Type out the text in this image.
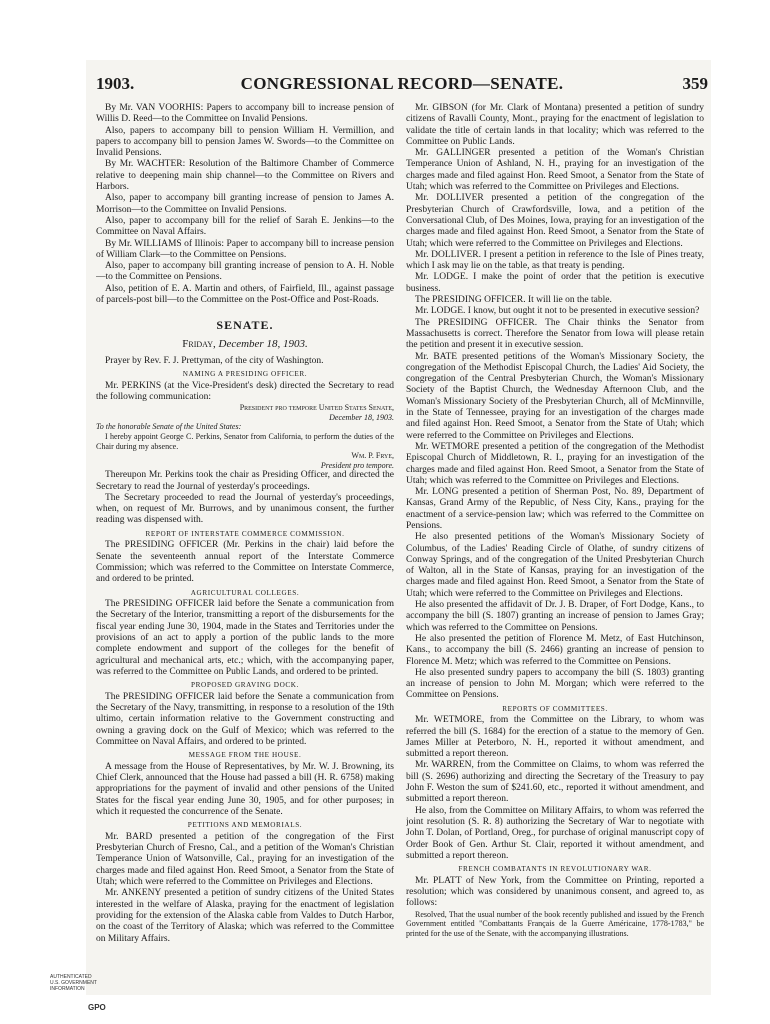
1903.	CONGRESSIONAL RECORD—SENATE.	359

By Mr. VAN VOORHIS: Papers to accompany bill to increase pension of Willis D. Reed—to the Committee on Invalid Pensions.

Also, papers to accompany bill to pension William H. Vermillion, and papers to accompany bill to pension James W. Swords—to the Committee on Invalid Pensions.

By Mr. WACHTER: Resolution of the Baltimore Chamber of Commerce relative to deepening main ship channel—to the Committee on Rivers and Harbors.

Also, paper to accompany bill granting increase of pension to James A. Morrison—to the Committee on Invalid Pensions.

Also, paper to accompany bill for the relief of Sarah E. Jenkins—to the Committee on Naval Affairs.

By Mr. WILLIAMS of Illinois: Paper to accompany bill to increase pension of William Clark—to the Committee on Pensions.

Also, paper to accompany bill granting increase of pension to A. H. Noble—to the Committee on Pensions.

Also, petition of E. A. Martin and others, of Fairfield, Ill., against passage of parcels-post bill—to the Committee on the Post-Office and Post-Roads.

SENATE.
Friday, December 18, 1903.

Prayer by Rev. F. J. Prettyman, of the city of Washington.

NAMING A PRESIDING OFFICER.

Mr. PERKINS (at the Vice-President's desk) directed the Secretary to read the following communication:

President pro tempore United States Senate,

December 18, 1903.

To the honorable Senate of the United States:

I hereby appoint George C. Perkins, Senator from California, to perform the duties of the Chair during my absence.

Wm. P. Frye,

President pro tempore.

Thereupon Mr. Perkins took the chair as Presiding Officer, and directed the Secretary to read the Journal of yesterday's proceedings.

The Secretary proceeded to read the Journal of yesterday's proceedings, when, on request of Mr. Burrows, and by unanimous consent, the further reading was dispensed with.

REPORT OF INTERSTATE COMMERCE COMMISSION.

The PRESIDING OFFICER (Mr. Perkins in the chair) laid before the Senate the seventeenth annual report of the Interstate Commerce Commission; which was referred to the Committee on Interstate Commerce, and ordered to be printed.

AGRICULTURAL COLLEGES.

The PRESIDING OFFICER laid before the Senate a communication from the Secretary of the Interior, transmitting a report of the disbursements for the fiscal year ending June 30, 1904, made in the States and Territories under the provisions of an act to apply a portion of the public lands to the more complete endowment and support of the colleges for the benefit of agricultural and mechanical arts, etc.; which, with the accompanying paper, was referred to the Committee on Public Lands, and ordered to be printed.

PROPOSED GRAVING DOCK.

The PRESIDING OFFICER laid before the Senate a communication from the Secretary of the Navy, transmitting, in response to a resolution of the 19th ultimo, certain information relative to the Government constructing and owning a graving dock on the Gulf of Mexico; which was referred to the Committee on Naval Affairs, and ordered to be printed.

MESSAGE FROM THE HOUSE.

A message from the House of Representatives, by Mr. W. J. Browning, its Chief Clerk, announced that the House had passed a bill (H. R. 6758) making appropriations for the payment of invalid and other pensions of the United States for the fiscal year ending June 30, 1905, and for other purposes; in which it requested the concurrence of the Senate.

PETITIONS AND MEMORIALS.

Mr. BARD presented a petition of the congregation of the First Presbyterian Church of Fresno, Cal., and a petition of the Woman's Christian Temperance Union of Watsonville, Cal., praying for an investigation of the charges made and filed against Hon. Reed Smoot, a Senator from the State of Utah; which were referred to the Committee on Privileges and Elections.

Mr. ANKENY presented a petition of sundry citizens of the United States interested in the welfare of Alaska, praying for the enactment of legislation providing for the extension of the Alaska cable from Valdes to Dutch Harbor, on the coast of the Territory of Alaska; which was referred to the Committee on Military Affairs.

Mr. GIBSON (for Mr. Clark of Montana) presented a petition of sundry citizens of Ravalli County, Mont., praying for the enactment of legislation to validate the title of certain lands in that locality; which was referred to the Committee on Public Lands.

Mr. GALLINGER presented a petition of the Woman's Christian Temperance Union of Ashland, N. H., praying for an investigation of the charges made and filed against Hon. Reed Smoot, a Senator from the State of Utah; which was referred to the Committee on Privileges and Elections.

Mr. DOLLIVER presented a petition of the congregation of the Presbyterian Church of Crawfordsville, Iowa, and a petition of the Conversational Club, of Des Moines, Iowa, praying for an investigation of the charges made and filed against Hon. Reed Smoot, a Senator from the State of Utah; which were referred to the Committee on Privileges and Elections.

Mr. DOLLIVER. I present a petition in reference to the Isle of Pines treaty, which I ask may lie on the table, as that treaty is pending.

Mr. LODGE. I make the point of order that the petition is executive business.

The PRESIDING OFFICER. It will lie on the table.

Mr. LODGE. I know, but ought it not to be presented in executive session?

The PRESIDING OFFICER. The Chair thinks the Senator from Massachusetts is correct. Therefore the Senator from Iowa will please retain the petition and present it in executive session.

Mr. BATE presented petitions of the Woman's Missionary Society, the congregation of the Methodist Episcopal Church, the Ladies' Aid Society, the congregation of the Central Presbyterian Church, the Woman's Missionary Society of the Baptist Church, the Wednesday Afternoon Club, and the Woman's Missionary Society of the Presbyterian Church, all of McMinnville, in the State of Tennessee, praying for an investigation of the charges made and filed against Hon. Reed Smoot, a Senator from the State of Utah; which were referred to the Committee on Privileges and Elections.

Mr. WETMORE presented a petition of the congregation of the Methodist Episcopal Church of Middletown, R. I., praying for an investigation of the charges made and filed against Hon. Reed Smoot, a Senator from the State of Utah; which was referred to the Committee on Privileges and Elections.

Mr. LONG presented a petition of Sherman Post, No. 89, Department of Kansas, Grand Army of the Republic, of Ness City, Kans., praying for the enactment of a service-pension law; which was referred to the Committee on Pensions.

He also presented petitions of the Woman's Missionary Society of Columbus, of the Ladies' Reading Circle of Olathe, of sundry citizens of Conway Springs, and of the congregation of the United Presbyterian Church of Walton, all in the State of Kansas, praying for an investigation of the charges made and filed against Hon. Reed Smoot, a Senator from the State of Utah; which were referred to the Committee on Privileges and Elections.

He also presented the affidavit of Dr. J. B. Draper, of Fort Dodge, Kans., to accompany the bill (S. 1807) granting an increase of pension to James Gray; which was referred to the Committee on Pensions.

He also presented the petition of Florence M. Metz, of East Hutchinson, Kans., to accompany the bill (S. 2466) granting an increase of pension to Florence M. Metz; which was referred to the Committee on Pensions.

He also presented sundry papers to accompany the bill (S. 1803) granting an increase of pension to John M. Morgan; which were referred to the Committee on Pensions.

REPORTS OF COMMITTEES.

Mr. WETMORE, from the Committee on the Library, to whom was referred the bill (S. 1684) for the erection of a statue to the memory of Gen. James Miller at Peterboro, N. H., reported it without amendment, and submitted a report thereon.

Mr. WARREN, from the Committee on Claims, to whom was referred the bill (S. 2696) authorizing and directing the Secretary of the Treasury to pay John F. Weston the sum of $241.60, etc., reported it without amendment, and submitted a report thereon.

He also, from the Committee on Military Affairs, to whom was referred the joint resolution (S. R. 8) authorizing the Secretary of War to negotiate with John T. Dolan, of Portland, Oreg., for purchase of original manuscript copy of Order Book of Gen. Arthur St. Clair, reported it without amendment, and submitted a report thereon.

FRENCH COMBATANTS IN REVOLUTIONARY WAR.

Mr. PLATT of New York, from the Committee on Printing, reported a resolution; which was considered by unanimous consent, and agreed to, as follows:

Resolved, That the usual number of the book recently published and issued by the French Government entitled "Combattants Français de la Guerre Américaine, 1778-1783," be printed for the use of the Senate, with the accompanying illustrations.

AUTHENTICATED
U.S. GOVERNMENT
INFORMATION
GPO
